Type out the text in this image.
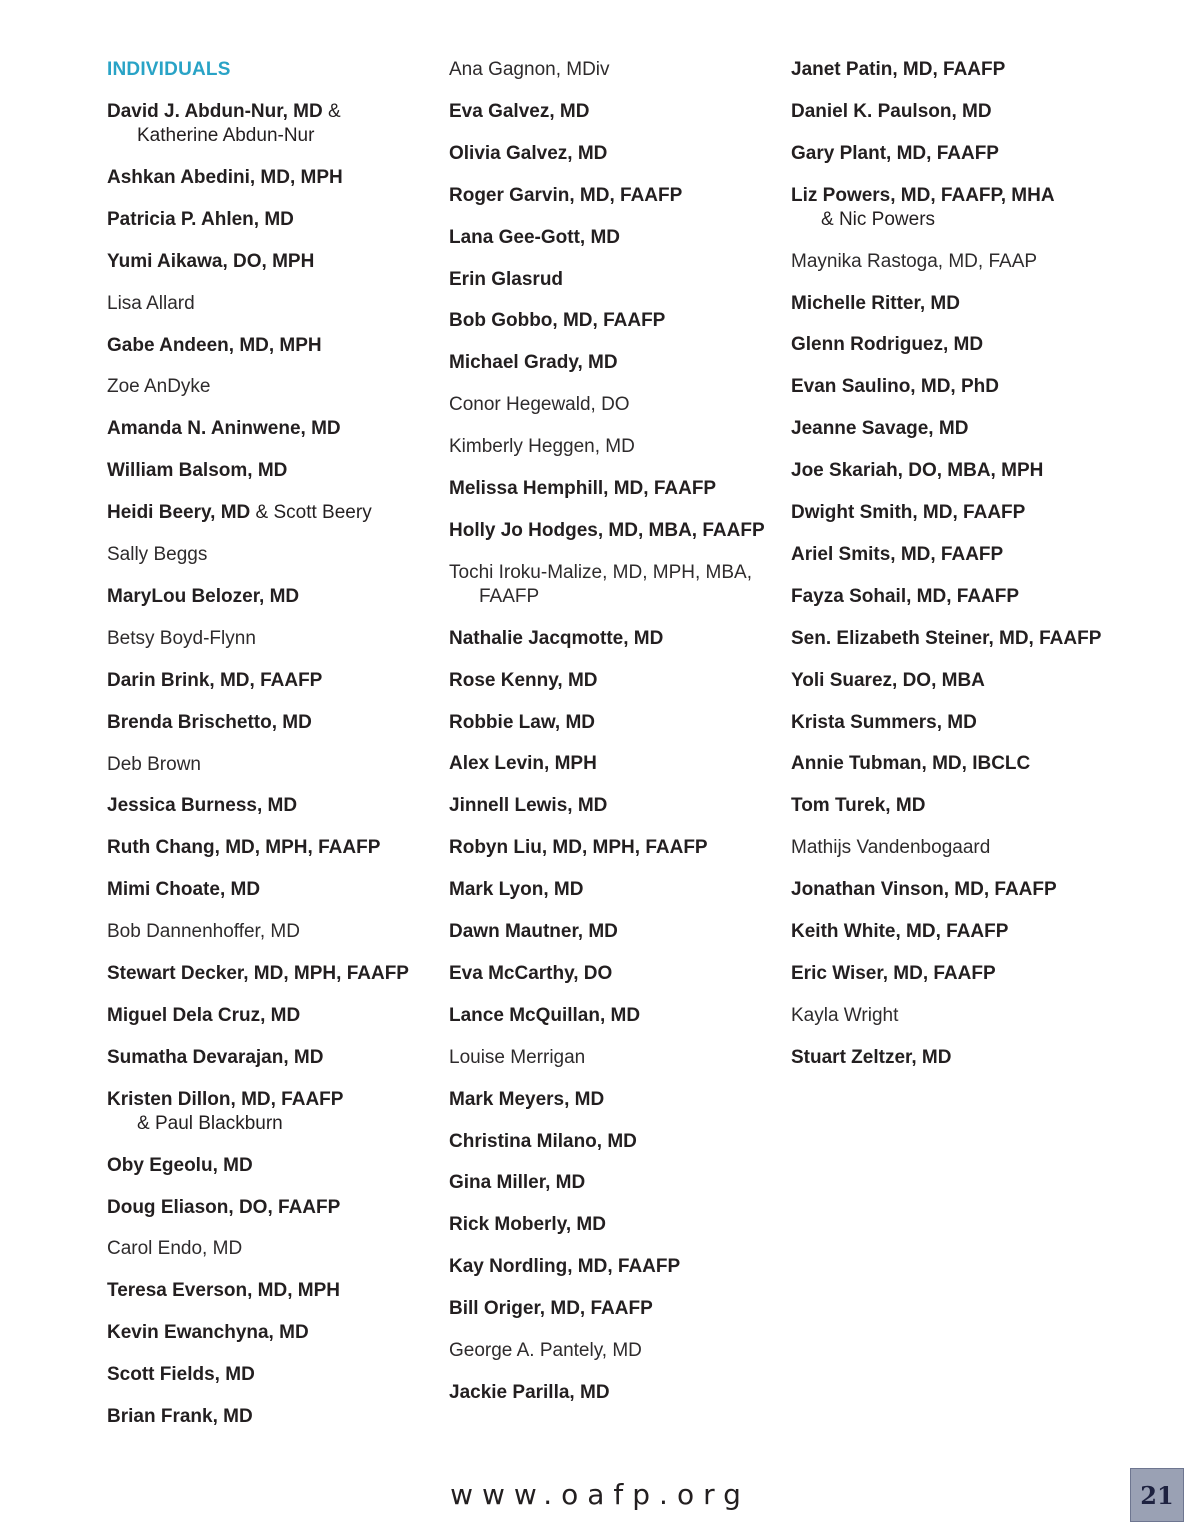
INDIVIDUALS
David J. Abdun-Nur, MD &
Katherine Abdun-Nur
Ashkan Abedini, MD, MPH
Patricia P. Ahlen, MD
Yumi Aikawa, DO, MPH
Lisa Allard
Gabe Andeen, MD, MPH
Zoe AnDyke
Amanda N. Aninwene, MD
William Balsom, MD
Heidi Beery, MD & Scott Beery
Sally Beggs
MaryLou Belozer, MD
Betsy Boyd-Flynn
Darin Brink, MD, FAAFP
Brenda Brischetto, MD
Deb Brown
Jessica Burness, MD
Ruth Chang, MD, MPH, FAAFP
Mimi Choate, MD
Bob Dannenhoffer, MD
Stewart Decker, MD, MPH, FAAFP
Miguel Dela Cruz, MD
Sumatha Devarajan, MD
Kristen Dillon, MD, FAAFP
& Paul Blackburn
Oby Egeolu, MD
Doug Eliason, DO, FAAFP
Carol Endo, MD
Teresa Everson, MD, MPH
Kevin Ewanchyna, MD
Scott Fields, MD
Brian Frank, MD
Ana Gagnon, MDiv
Eva Galvez, MD
Olivia Galvez, MD
Roger Garvin, MD, FAAFP
Lana Gee-Gott, MD
Erin Glasrud
Bob Gobbo, MD, FAAFP
Michael Grady, MD
Conor Hegewald, DO
Kimberly Heggen, MD
Melissa Hemphill, MD, FAAFP
Holly Jo Hodges, MD, MBA, FAAFP
Tochi Iroku-Malize, MD, MPH, MBA,
FAAFP
Nathalie Jacqmotte, MD
Rose Kenny, MD
Robbie Law, MD
Alex Levin, MPH
Jinnell Lewis, MD
Robyn Liu, MD, MPH, FAAFP
Mark Lyon, MD
Dawn Mautner, MD
Eva McCarthy, DO
Lance McQuillan, MD
Louise Merrigan
Mark Meyers, MD
Christina Milano, MD
Gina Miller, MD
Rick Moberly, MD
Kay Nordling, MD, FAAFP
Bill Origer, MD, FAAFP
George A. Pantely, MD
Jackie Parilla, MD
Janet Patin, MD, FAAFP
Daniel K. Paulson, MD
Gary Plant, MD, FAAFP
Liz Powers, MD, FAAFP, MHA
& Nic Powers
Maynika Rastoga, MD, FAAP
Michelle Ritter, MD
Glenn Rodriguez, MD
Evan Saulino, MD, PhD
Jeanne Savage, MD
Joe Skariah, DO, MBA, MPH
Dwight Smith, MD, FAAFP
Ariel Smits, MD, FAAFP
Fayza Sohail, MD, FAAFP
Sen. Elizabeth Steiner, MD, FAAFP
Yoli Suarez, DO, MBA
Krista Summers, MD
Annie Tubman, MD, IBCLC
Tom Turek, MD
Mathijs Vandenbogaard
Jonathan Vinson, MD, FAAFP
Keith White, MD, FAAFP
Eric Wiser, MD, FAAFP
Kayla Wright
Stuart Zeltzer, MD
www.oafp.org	21
